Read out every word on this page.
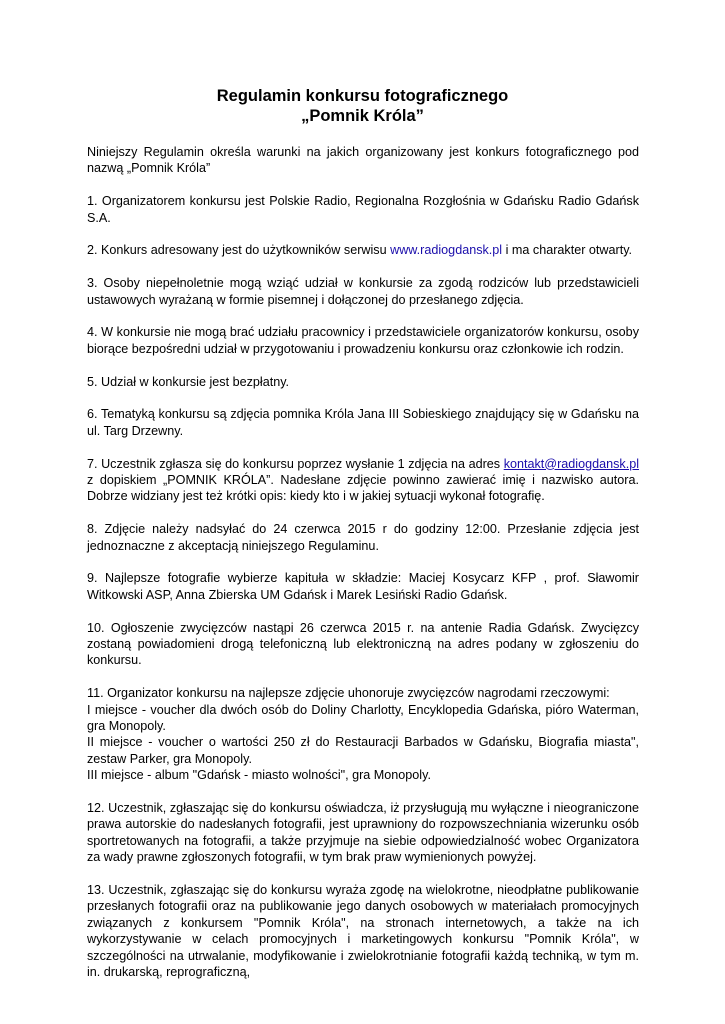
Regulamin konkursu fotograficznego
„Pomnik Króla”

Niniejszy Regulamin określa warunki na jakich organizowany jest konkurs fotograficznego pod nazwą „Pomnik Króla”

1. Organizatorem konkursu jest Polskie Radio, Regionalna Rozgłośnia w Gdańsku Radio Gdańsk S.A.

2. Konkurs adresowany jest do użytkowników serwisu www.radiogdansk.pl i ma charakter otwarty.

3. Osoby niepełnoletnie mogą wziąć udział w konkursie za zgodą rodziców lub przedstawicieli ustawowych wyrażaną w formie pisemnej i dołączonej do przesłanego zdjęcia.

4. W konkursie nie mogą brać udziału pracownicy i przedstawiciele organizatorów konkursu, osoby biorące bezpośredni udział w przygotowaniu i prowadzeniu konkursu oraz członkowie ich rodzin.

5. Udział w konkursie jest bezpłatny.

6. Tematyką konkursu są zdjęcia pomnika Króla Jana III Sobieskiego znajdujący się w Gdańsku na ul. Targ Drzewny.

7. Uczestnik zgłasza się do konkursu poprzez wysłanie 1 zdjęcia na adres kontakt@radiogdansk.pl z dopiskiem „POMNIK KRÓLA”. Nadesłane zdjęcie powinno zawierać imię i nazwisko autora. Dobrze widziany jest też krótki opis: kiedy kto i w jakiej sytuacji wykonał fotografię.

8. Zdjęcie należy nadsyłać do 24 czerwca 2015 r do godziny 12:00. Przesłanie zdjęcia jest jednoznaczne z akceptacją niniejszego Regulaminu.

9. Najlepsze fotografie wybierze kapituła w składzie: Maciej Kosycarz KFP , prof. Sławomir Witkowski ASP, Anna Zbierska UM Gdańsk i Marek Lesiński Radio Gdańsk.

10. Ogłoszenie zwycięzców nastąpi 26 czerwca 2015 r. na antenie Radia Gdańsk. Zwycięzcy zostaną powiadomieni drogą telefoniczną lub elektroniczną na adres podany w zgłoszeniu do konkursu.

11. Organizator konkursu na najlepsze zdjęcie uhonoruje zwycięzców nagrodami rzeczowymi:
I miejsce - voucher dla dwóch osób do Doliny Charlotty, Encyklopedia Gdańska, pióro Waterman, gra Monopoly.
II miejsce - voucher o wartości 250 zł do Restauracji Barbados w Gdańsku, Biografia miasta", zestaw Parker, gra Monopoly.
III miejsce - album "Gdańsk - miasto wolności", gra Monopoly.

12. Uczestnik, zgłaszając się do konkursu oświadcza, iż przysługują mu wyłączne i nieograniczone prawa autorskie do nadesłanych fotografii, jest uprawniony do rozpowszechniania wizerunku osób sportretowanych na fotografii, a także przyjmuje na siebie odpowiedzialność wobec Organizatora za wady prawne zgłoszonych fotografii, w tym brak praw wymienionych powyżej.

13. Uczestnik, zgłaszając się do konkursu wyraża zgodę na wielokrotne, nieodpłatne publikowanie przesłanych fotografii oraz na publikowanie jego danych osobowych w materiałach promocyjnych związanych z konkursem "Pomnik Króla", na stronach internetowych, a także na ich wykorzystywanie w celach promocyjnych i marketingowych konkursu "Pomnik Króla", w szczególności na utrwalanie, modyfikowanie i zwielokrotnianie fotografii każdą techniką, w tym m. in. drukarską, reprograficzną,
